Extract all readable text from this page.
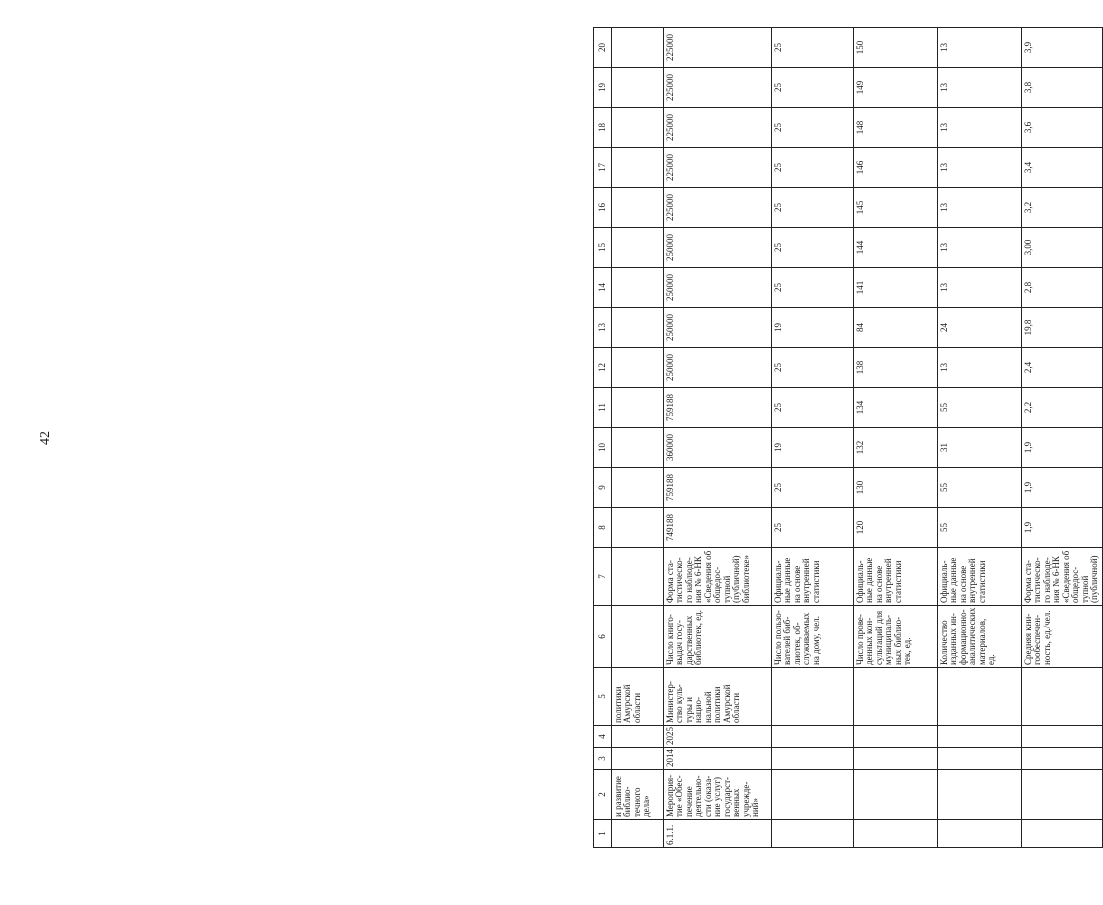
42
1	2	3	4	5	6	7	8	9	10	11	12	13	14	15	16	17	18	19	20
	и развитие библио-течного дела»			политики Амурской области															
6.1.1.	Мероприя-тие «Обес-печение деятельно-сти (оказа-ние услуг) государст-венных учрежде-ний»	2014	2025	Министер-ство куль-туры и нацио-нальной политики Амурской области	Число книго-выдач госу-дарственных библиотек, ед.	Форма ста-тистическо-го наблюде-ния № 6-НК «Сведения об общедос-тупной (публичной) библиотеке»	749188	759188	360000	759188	250000	250000	250000	250000	225000	225000	225000	225000	225000
					Число пользо-вателей биб-лиотек, об-служиваемых на дому, чел.	Официаль-ные данные на основе внутренней статистики	25	25	19	25	25	19	25	25	25	25	25	25	25
					Число прове-денных кон-сультаций для муниципаль-ных библио-тек, ед.	Официаль-ные данные на основе внутренней статистики	120	130	132	134	138	84	141	144	145	146	148	149	150
					Количество изданных ин-формационно-аналитических материалов, ед.	Официаль-ные данные на основе внутренней статистики	55	55	31	55	13	24	13	13	13	13	13	13	13
					Средняя кни-гообеспечен-ность, ед./чел.	Форма ста-тистическо-го наблюде-ния № 6-НК «Сведения об общедос-тупной (публичной)	1,9	1,9	1,9	2,2	2,4	19,8	2,8	3,00	3,2	3,4	3,6	3,8	3,9
